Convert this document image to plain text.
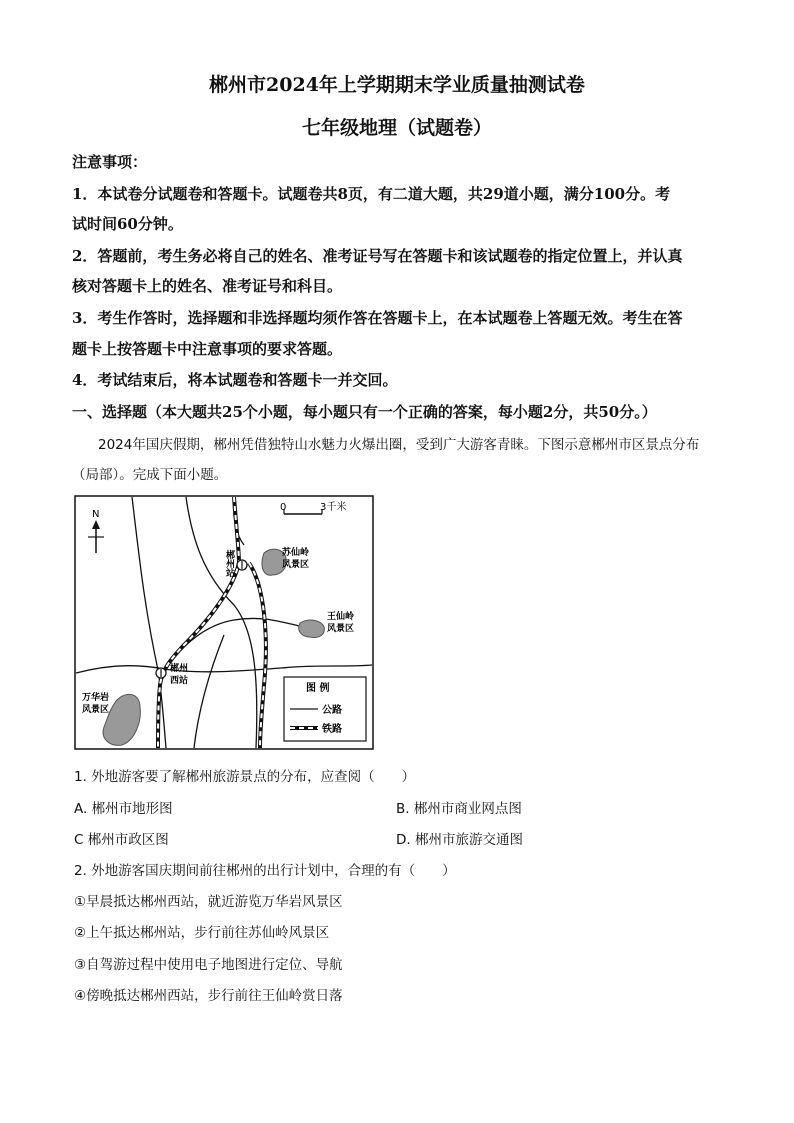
郴州市2024年上学期期末学业质量抽测试卷
七年级地理（试题卷）
注意事项：
1．本试卷分试题卷和答题卡。试题卷共8页，有二道大题，共29道小题，满分100分。考
试时间60分钟。
2．答题前，考生务必将自己的姓名、准考证号写在答题卡和该试题卷的指定位置上，并认真
核对答题卡上的姓名、准考证号和科目。
3．考生作答时，选择题和非选择题均须作答在答题卡上，在本试题卷上答题无效。考生在答
题卡上按答题卡中注意事项的要求答题。
4．考试结束后，将本试题卷和答题卡一并交回。
一、选择题（本大题共25个小题，每小题只有一个正确的答案，每小题2分，共50分。）
2024年国庆假期，郴州凭借独特山水魅力火爆出圈，受到广大游客青睐。下图示意郴州市区景点分布
（局部）。完成下面小题。
N
0	3千米
郴州站	苏仙岭
风景区
王仙岭
风景区
郴州
西站
万华岩
风景区
图 例
公路
铁路
1. 外地游客要了解郴州旅游景点的分布，应查阅（　　）
A. 郴州市地形图	B. 郴州市商业网点图
C 郴州市政区图	D. 郴州市旅游交通图
2. 外地游客国庆期间前往郴州的出行计划中，合理的有（　　）
①早晨抵达郴州西站，就近游览万华岩风景区
②上午抵达郴州站，步行前往苏仙岭风景区
③自驾游过程中使用电子地图进行定位、导航
④傍晚抵达郴州西站，步行前往王仙岭赏日落
